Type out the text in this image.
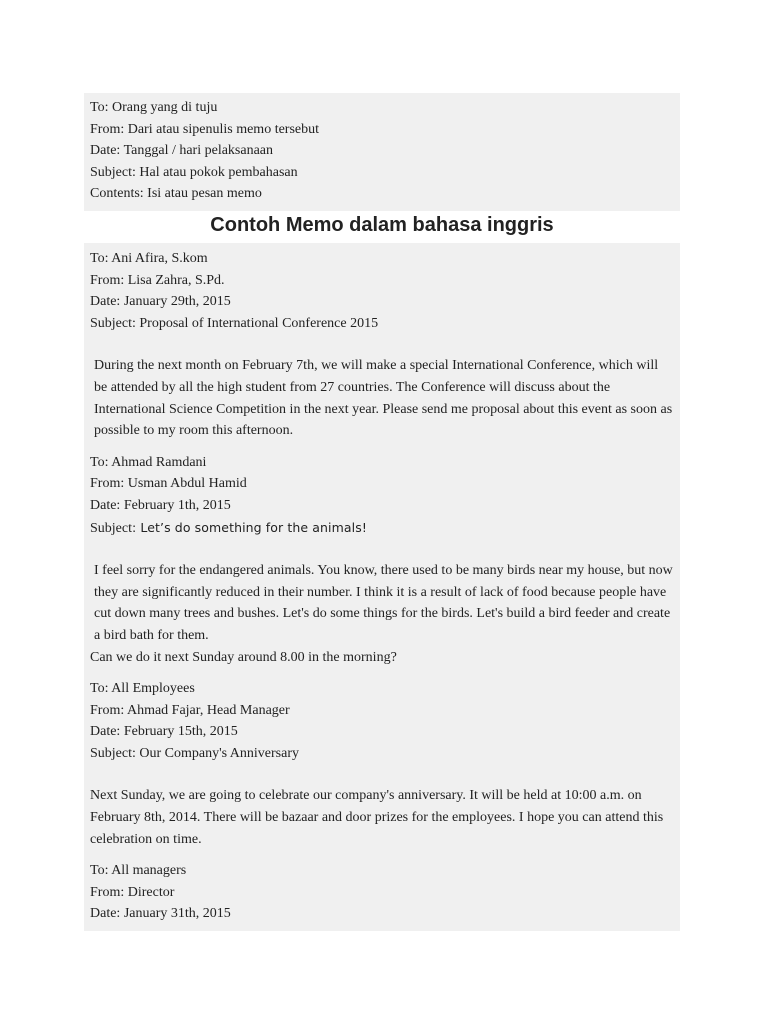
To: Orang yang di tuju
From: Dari atau sipenulis memo tersebut
Date: Tanggal / hari pelaksanaan
Subject: Hal atau pokok pembahasan
Contents: Isi atau pesan memo
Contoh Memo dalam bahasa inggris
To: Ani Afira, S.kom
From: Lisa Zahra, S.Pd.
Date: January 29th, 2015
Subject: Proposal of International Conference 2015

During the next month on February 7th, we will make a special International Conference, which will be attended by all the high student from 27 countries. The Conference will discuss about the International Science Competition in the next year. Please send me proposal about this event as soon as possible to my room this afternoon.

To: Ahmad Ramdani
From: Usman Abdul Hamid
Date: February 1th, 2015
Subject: Let’s do something for the animals!

I feel sorry for the endangered animals. You know, there used to be many birds near my house, but now they are significantly reduced in their number. I think it is a result of lack of food because people have cut down many trees and bushes. Let's do some things for the birds. Let's build a bird feeder and create a bird bath for them.

Can we do it next Sunday around 8.00 in the morning?

To: All Employees
From: Ahmad Fajar, Head Manager
Date: February 15th, 2015
Subject: Our Company's Anniversary

Next Sunday, we are going to celebrate our company's anniversary. It will be held at 10:00 a.m. on February 8th, 2014. There will be bazaar and door prizes for the employees. I hope you can attend this celebration on time.

To: All managers
From: Director
Date: January 31th, 2015
